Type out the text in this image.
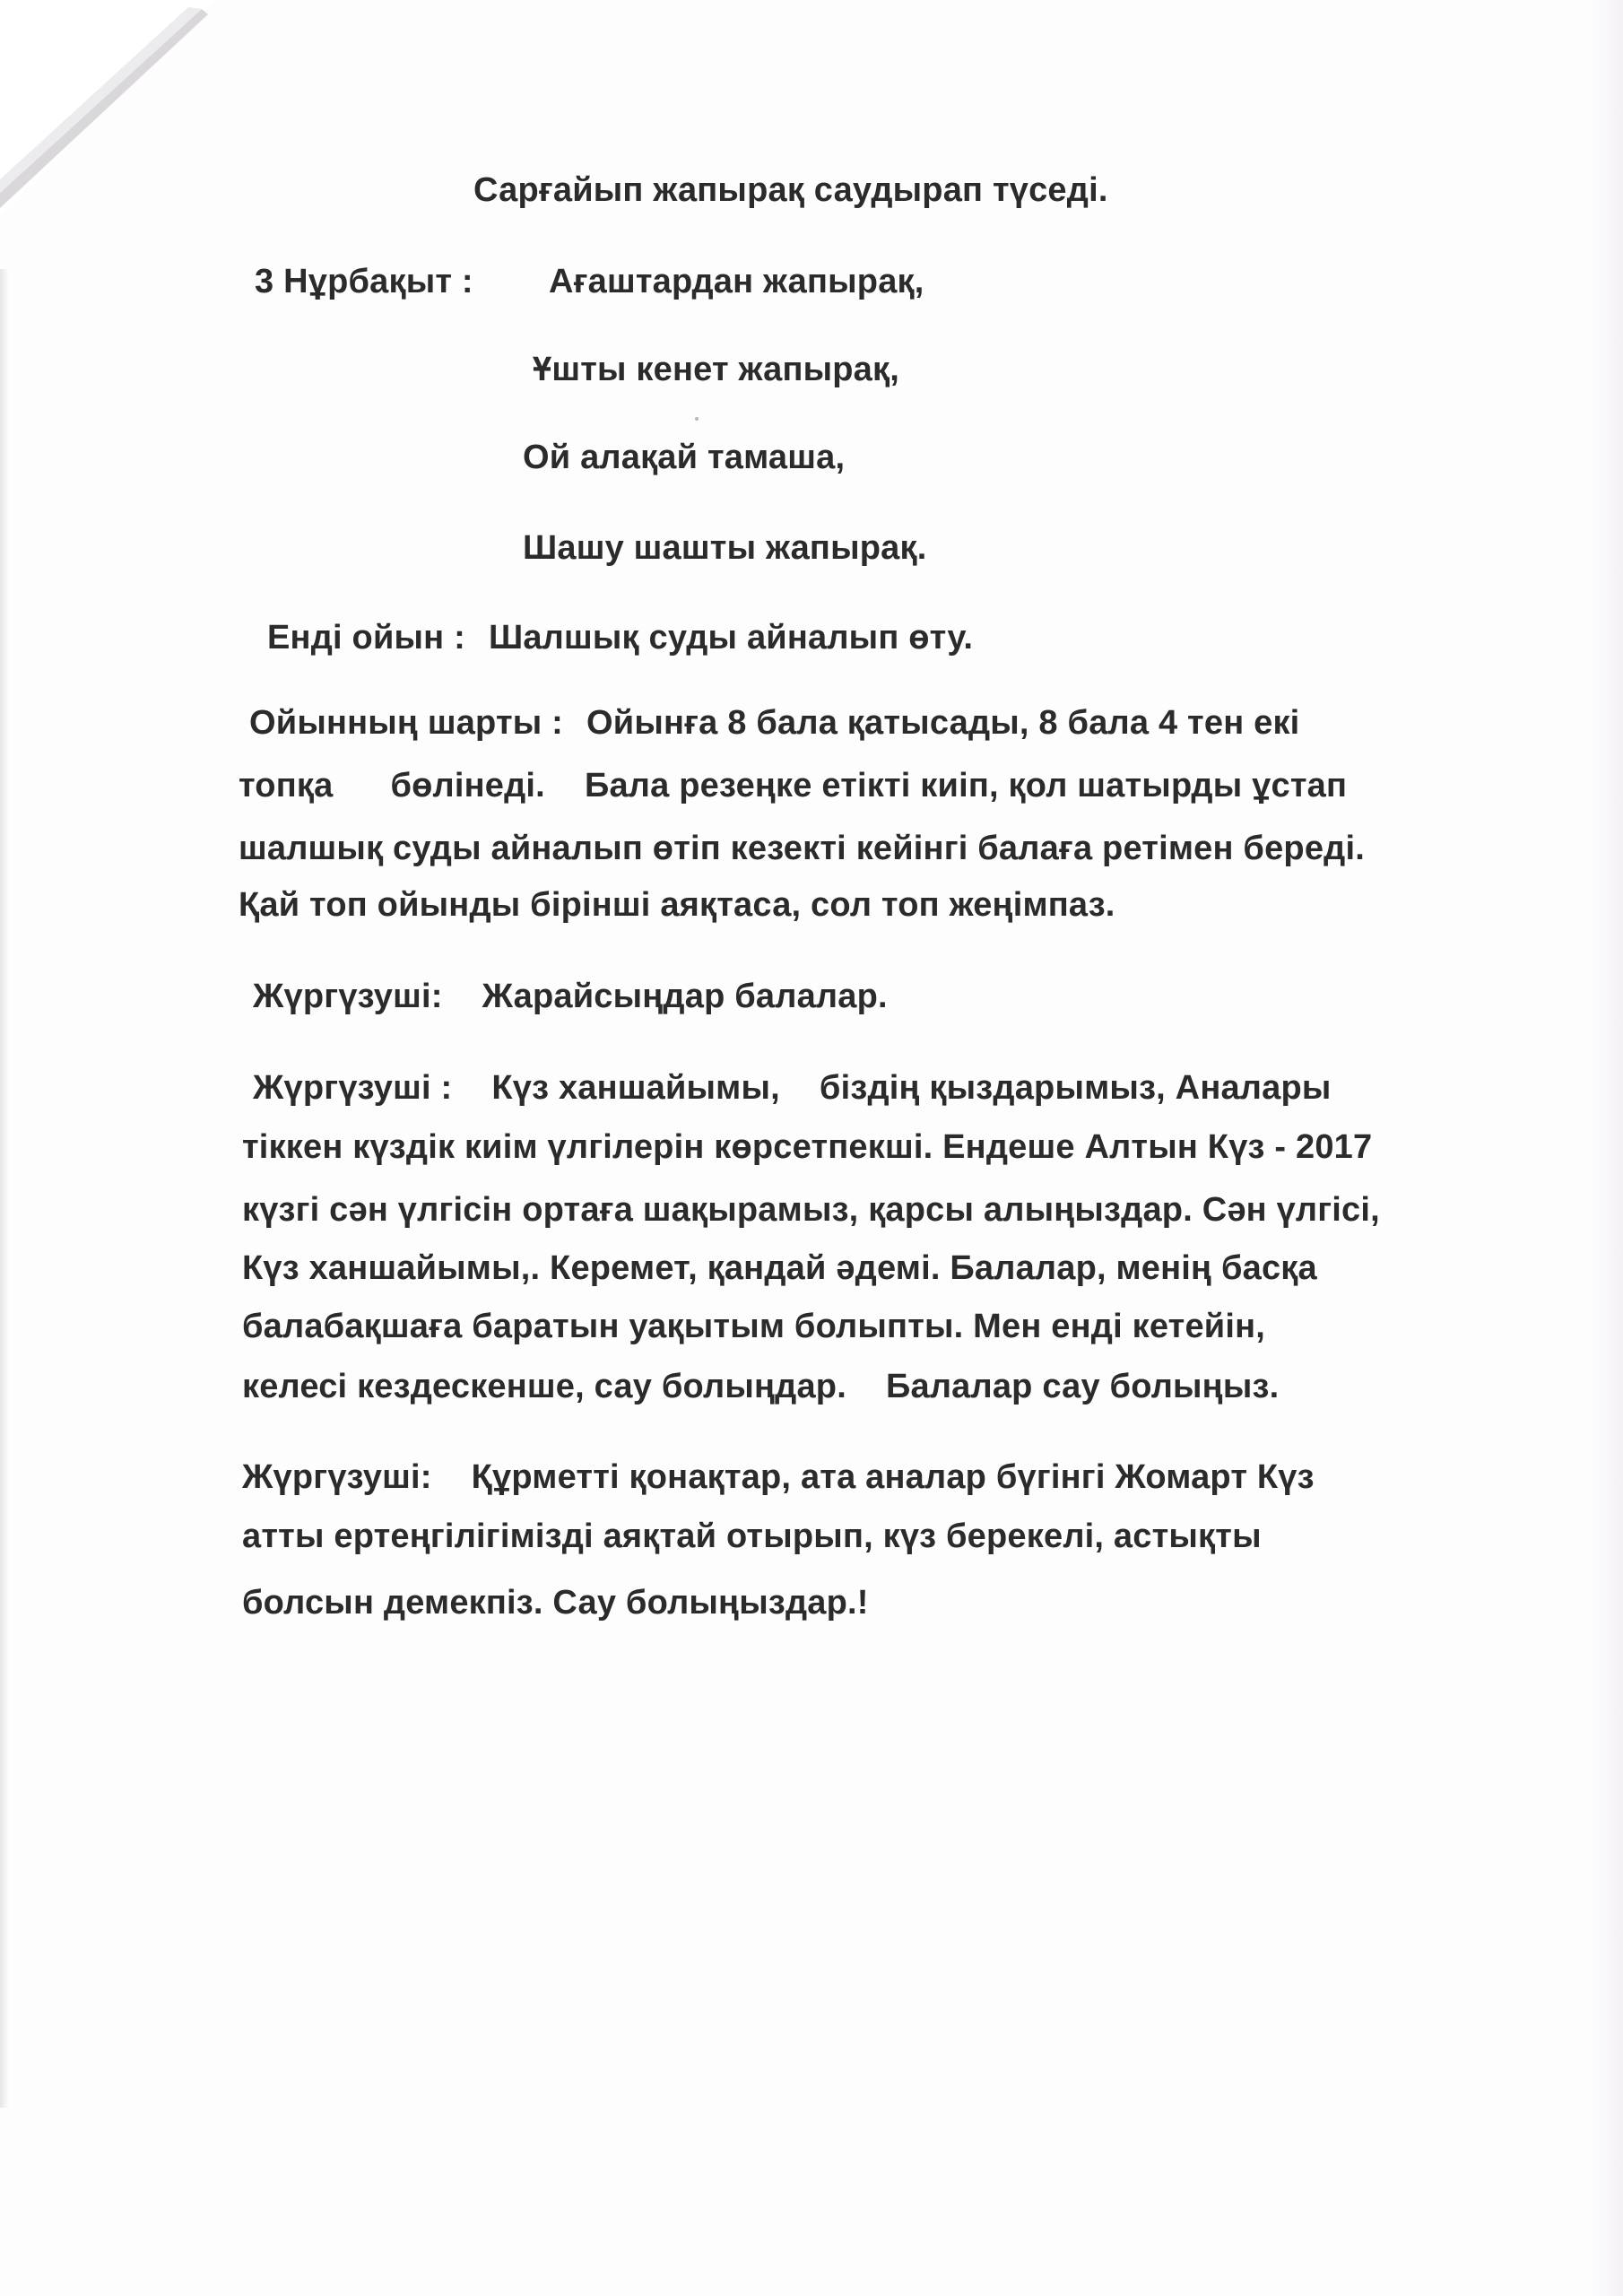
Сарғайып жапырақ саудырап түседі.

3 Нұрбақыт : Ағаштардан жапырақ,

Ұшты кенет жапырақ,

Ой алақай тамаша,

Шашу шашты жапырақ.

Енді ойын : Шалшық суды айналып өту.

Ойынның шарты : Ойынға 8 бала қатысады, 8 бала 4 тен екі

топқа бөлінеді. Бала резеңке етікті киіп, қол шатырды ұстап

шалшық суды айналып өтіп кезекті кейінгі балаға ретімен береді.

Қай топ ойынды бірінші аяқтаса, сол топ жеңімпаз.

Жүргүзуші: Жарайсыңдар балалар.

Жүргүзуші : Күз ханшайымы, біздің қыздарымыз, Аналары

тіккен күздік киім үлгілерін көрсетпекші. Ендеше Алтын Күз - 2017

күзгі сән үлгісін ортаға шақырамыз, қарсы алыңыздар. Сән үлгісі,

Күз ханшайымы,. Керемет, қандай әдемі. Балалар, менің басқа

балабақшаға баратын уақытым болыпты. Мен енді кетейін,

келесі кездескенше, сау болыңдар. Балалар сау болыңыз.

Жүргүзуші: Құрметті қонақтар, ата аналар бүгінгі Жомарт Күз

атты ертеңгілігімізді аяқтай отырып, күз берекелі, астықты

болсын демекпіз. Сау болыңыздар.!
